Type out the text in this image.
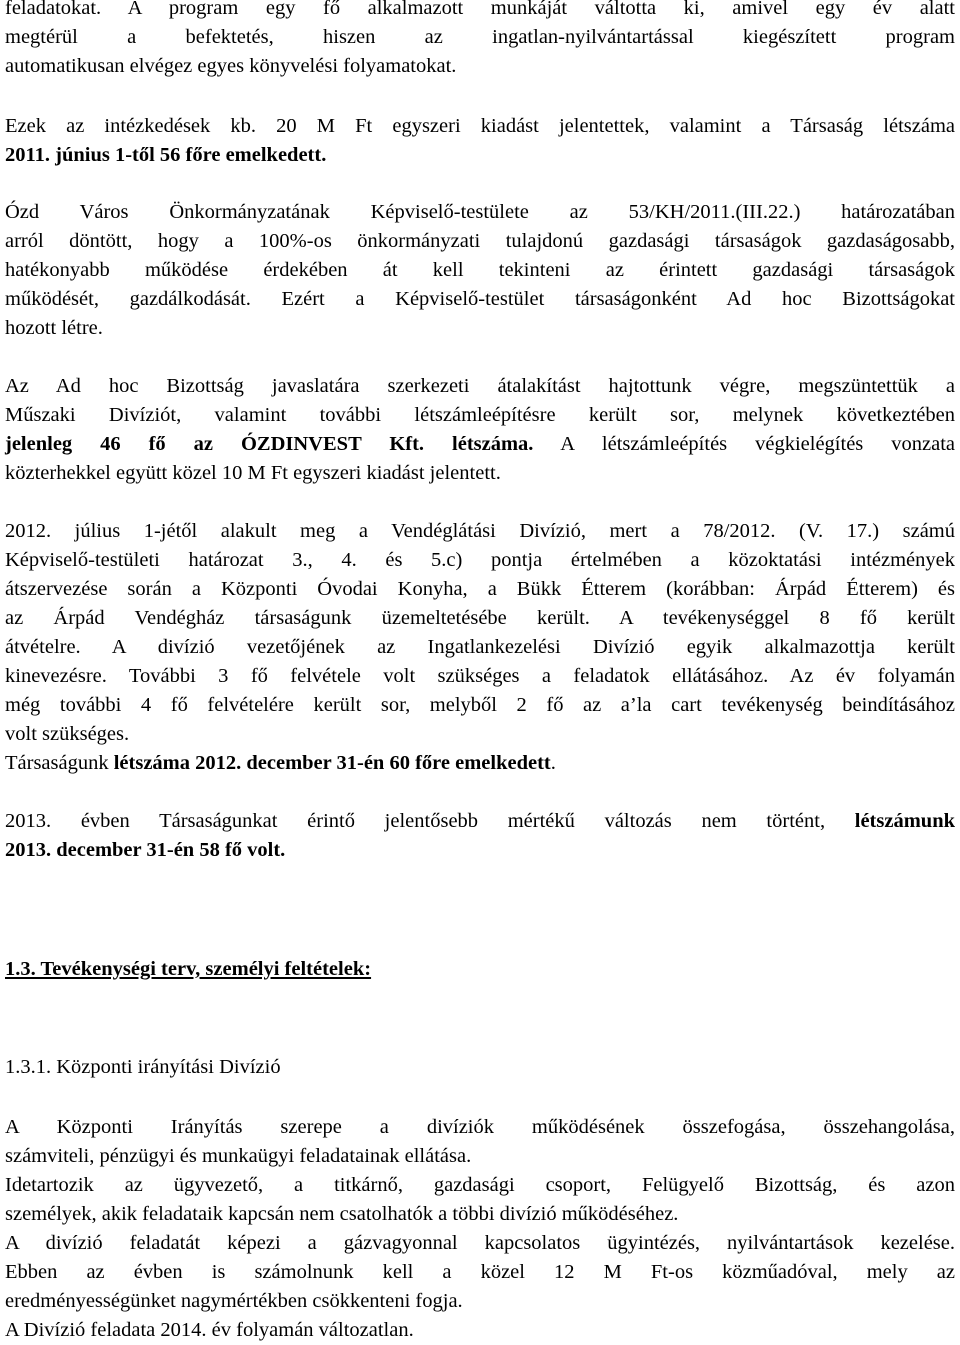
feladatokat. A program egy fő alkalmazott munkáját váltotta ki, amivel egy év alatt
megtérül a befektetés, hiszen az ingatlan-nyilvántartással kiegészített program
automatikusan elvégez egyes könyvelési folyamatokat.
Ezek az intézkedések kb. 20 M Ft egyszeri kiadást jelentettek, valamint a Társaság létszáma
2011. június 1-től 56 főre emelkedett.
Ózd Város Önkormányzatának Képviselő-testülete az 53/KH/2011.(III.22.) határozatában
arról döntött, hogy a 100%-os önkormányzati tulajdonú gazdasági társaságok gazdaságosabb,
hatékonyabb működése érdekében át kell tekinteni az érintett gazdasági társaságok
működését, gazdálkodását. Ezért a Képviselő-testület társaságonként Ad hoc Bizottságokat
hozott létre.
Az Ad hoc Bizottság javaslatára szerkezeti átalakítást hajtottunk végre, megszüntettük a
Műszaki Divíziót, valamint további létszámleépítésre került sor, melynek következtében
jelenleg 46 fő az ÓZDINVEST Kft. létszáma. A létszámleépítés végkielégítés vonzata
közterhekkel együtt közel 10 M Ft egyszeri kiadást jelentett.
2012. július 1-jétől alakult meg a Vendéglátási Divízió, mert a 78/2012. (V. 17.) számú
Képviselő-testületi határozat 3., 4. és 5.c) pontja értelmében a közoktatási intézmények
átszervezése során a Központi Óvodai Konyha, a Bükk Étterem (korábban: Árpád Étterem) és
az Árpád Vendégház társaságunk üzemeltetésébe került. A tevékenységgel 8 fő került
átvételre. A divízió vezetőjének az Ingatlankezelési Divízió egyik alkalmazottja került
kinevezésre. További 3 fő felvétele volt szükséges a feladatok ellátásához. Az év folyamán
még további 4 fő felvételére került sor, melyből 2 fő az a’la cart tevékenység beindításához
volt szükséges.
Társaságunk létszáma 2012. december 31-én 60 főre emelkedett.
2013. évben Társaságunkat érintő jelentősebb mértékű változás nem történt, létszámunk
2013. december 31-én 58 fő volt.
1.3. Tevékenységi terv, személyi feltételek:
1.3.1. Központi irányítási Divízió
A Központi Irányítás szerepe a divíziók működésének összefogása, összehangolása,
számviteli, pénzügyi és munkaügyi feladatainak ellátása.
Idetartozik az ügyvezető, a titkárnő, gazdasági csoport, Felügyelő Bizottság, és azon
személyek, akik feladataik kapcsán nem csatolhatók a többi divízió működéséhez.
A divízió feladatát képezi a gázvagyonnal kapcsolatos ügyintézés, nyilvántartások kezelése.
Ebben az évben is számolnunk kell a közel 12 M Ft-os közműadóval, mely az
eredményességünket nagymértékben csökkenteni fogja.
A Divízió feladata 2014. év folyamán változatlan.
